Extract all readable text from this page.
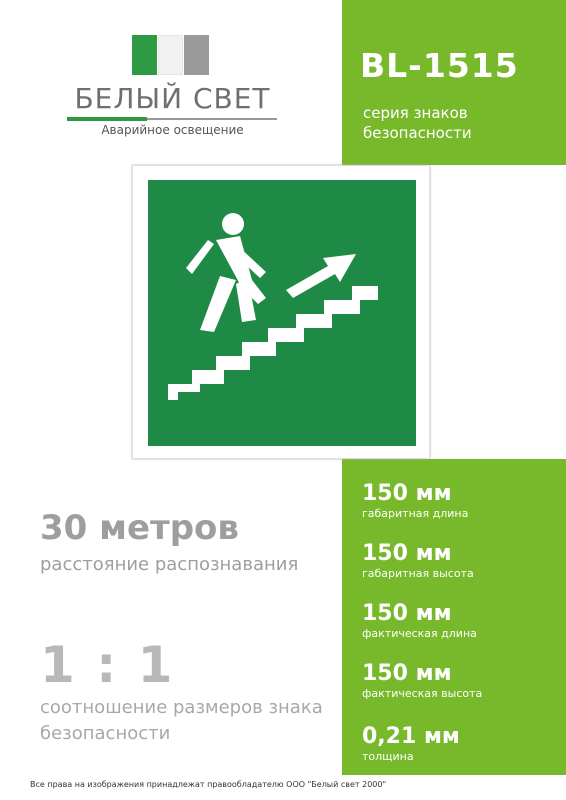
БЕЛЫЙ СВЕТ
Аварийное освещение
BL-1515
серия знаков безопасности
30 метров
расстояние распознавания
1 : 1
соотношение размеров знака безопасности
150 мм
габаритная длина
150 мм
габаритная высота
150 мм
фактическая длина
150 мм
фактическая высота
0,21 мм
толщина
Все права на изображения принадлежат правообладателю ООО "Белый свет 2000"
